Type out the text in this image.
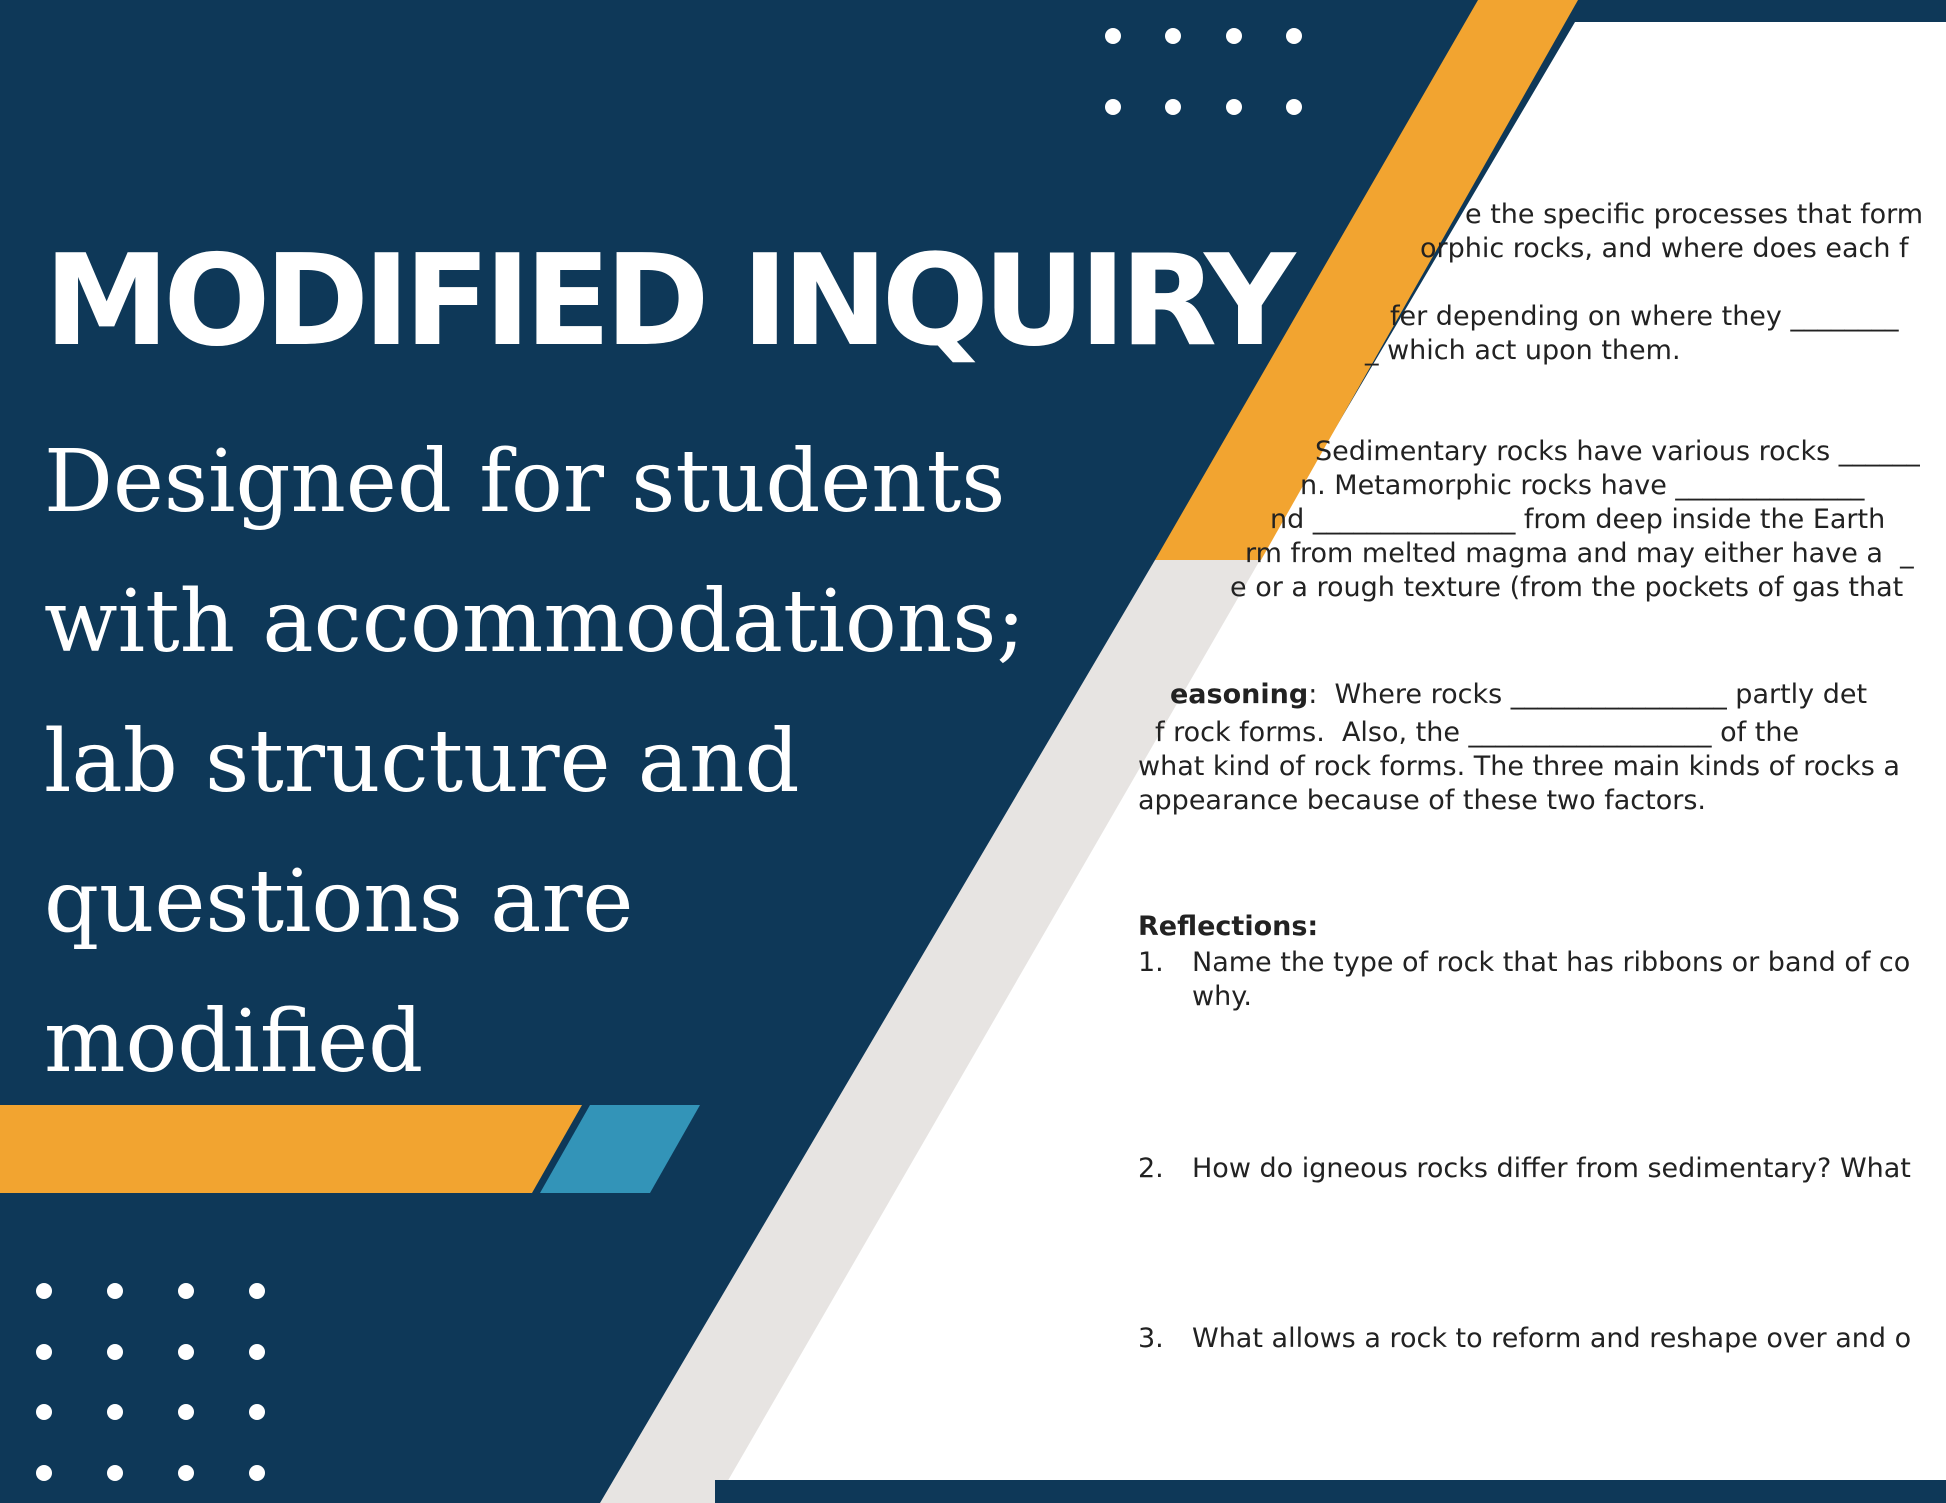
e the specific processes that form
orphic rocks, and where does each f
fer depending on where they ________
_ which act upon them.
Sedimentary rocks have various rocks ______
n. Metamorphic rocks have ______________
nd _______________ from deep inside the Earth
rm from melted magma and may either have a  _
e or a rough texture (from the pockets of gas that
easoning:  Where rocks ________________ partly det
f rock forms.  Also, the __________________ of the
what kind of rock forms. The three main kinds of rocks a
appearance because of these two factors.
Reflections:
1. Name the type of rock that has ribbons or band of co
why.
2. How do igneous rocks differ from sedimentary? What
3. What allows a rock to reform and reshape over and o
MODIFIED INQUIRY

Designed for students
with accommodations;
lab structure and
questions are
modified
